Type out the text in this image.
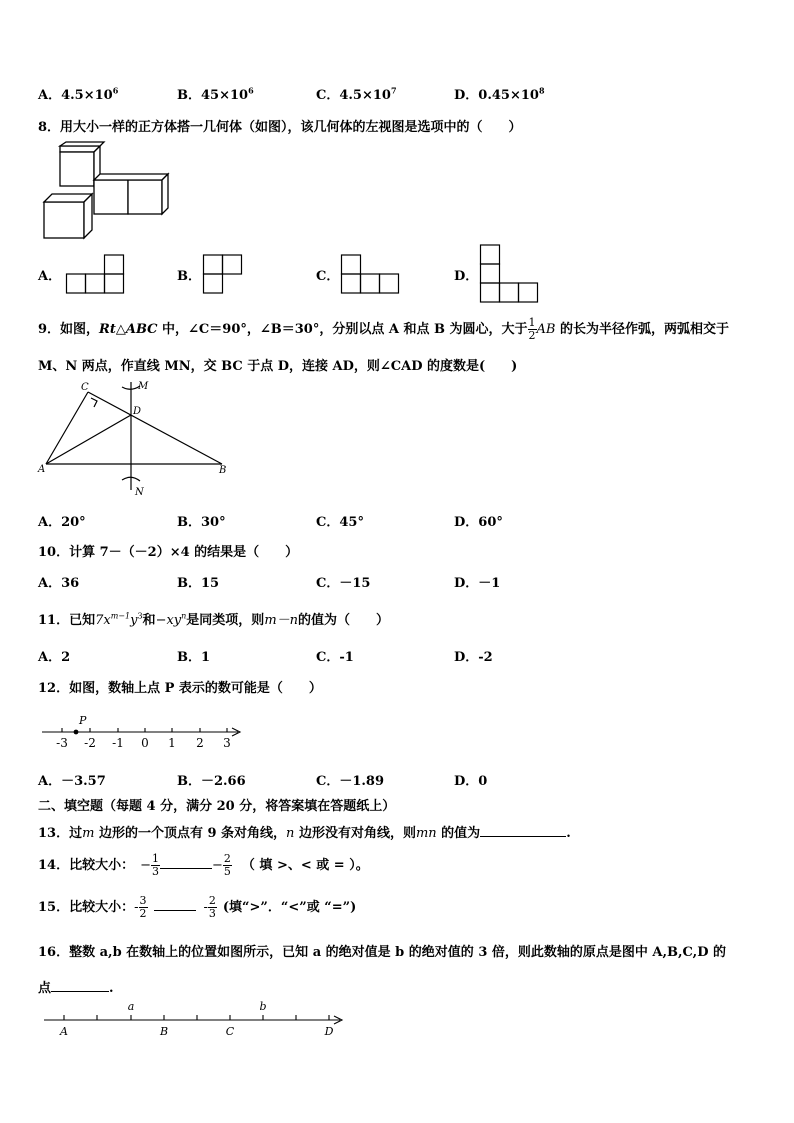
A．$4.5\times 10^6$	B．$45\times 10^6$	C．$4.5\times 10^7$	D．$0.45\times 10^8$
8．用大小一样的正方体搭一几何体（如图），该几何体的左视图是选项中的（　　）
A．	B．	C．	D．
9．如图，Rt△ABC 中，∠C＝90°，∠B＝30°，分别以点 A 和点 B 为圆心，大于 $\frac{1}{2}$ AB 的长为半径作弧，两弧相交于
M、N 两点，作直线 MN，交 BC 于点 D，连接 AD，则∠CAD 的度数是(　　)
C	M
D
A	B
N
A．20°	B．30°	C．45°	D．60°
10．计算 7－（－2）×4 的结果是（　　）
A．36	B．15	C．－15	D．－1
11．已知$7x^{m-1}y^3$和$-xy^n$是同类项，则m－n的值为（　　）
A．2	B．1	C．-1	D．-2
12．如图，数轴上点 P 表示的数可能是（　　）
P
-3 -2 -1 0 1 2 3
A．－3.57	B．－2.66	C．－1.89	D．0
二、填空题（每题 4 分，满分 20 分，将答案填在答题纸上）
13．过m 边形的一个顶点有 9 条对角线，n 边形没有对角线，则mn 的值为	.
14．比较大小： − $\frac{1}{3}$	− $\frac{2}{5}$ （ 填 >、< 或 = ）。
15．比较大小：- $\frac{3}{2}$	- $\frac{2}{3}$ (填“>”．“<”或 “=”)
16．整数 a,b 在数轴上的位置如图所示，已知 a 的绝对值是 b 的绝对值的 3 倍，则此数轴的原点是图中 A,B,C,D 的
点	.
a	b
A	B	C	D
